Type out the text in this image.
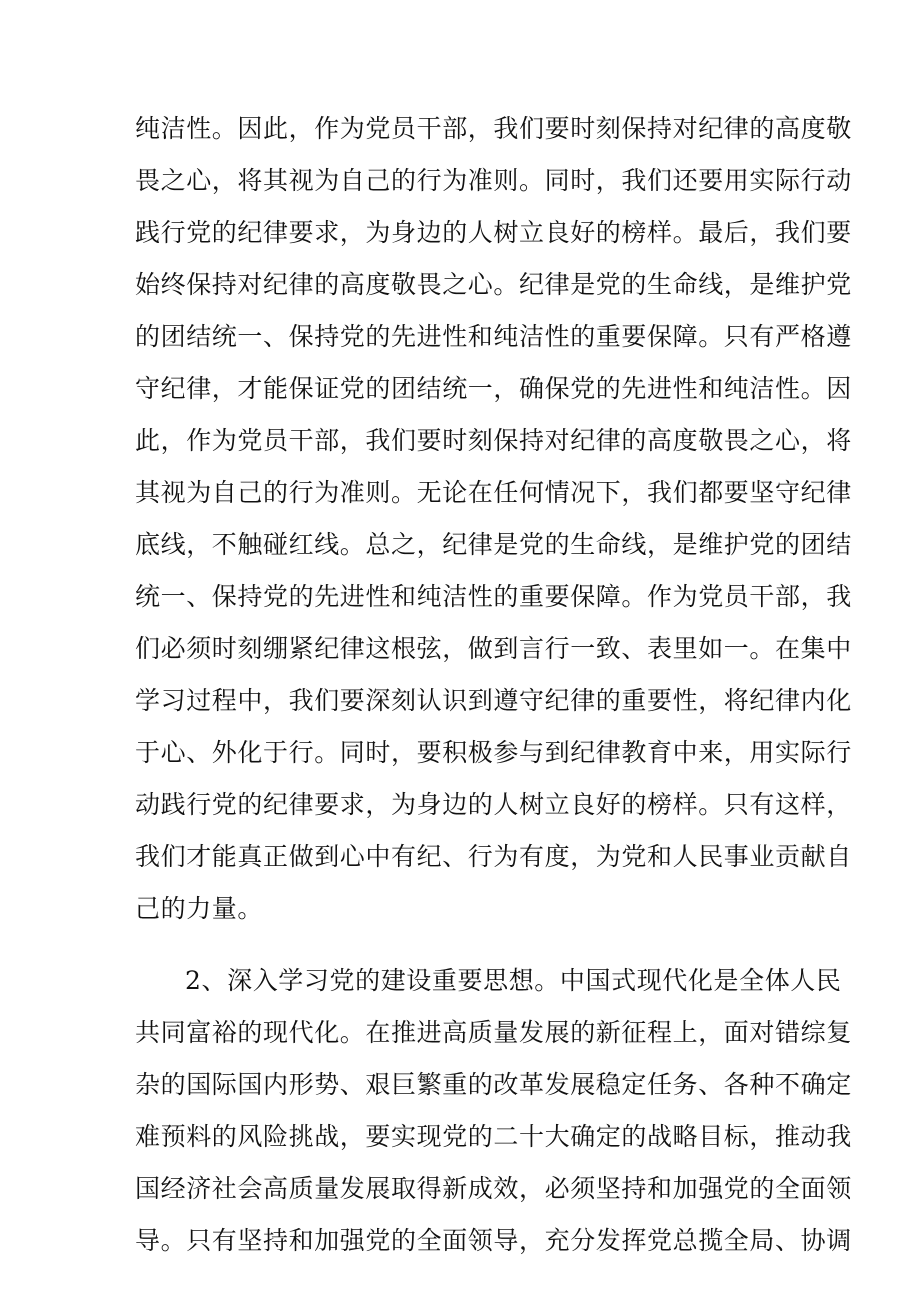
纯洁性。因此，作为党员干部，我们要时刻保持对纪律的高度敬
畏之心，将其视为自己的行为准则。同时，我们还要用实际行动
践行党的纪律要求，为身边的人树立良好的榜样。最后，我们要
始终保持对纪律的高度敬畏之心。纪律是党的生命线，是维护党
的团结统一、保持党的先进性和纯洁性的重要保障。只有严格遵
守纪律，才能保证党的团结统一，确保党的先进性和纯洁性。因
此，作为党员干部，我们要时刻保持对纪律的高度敬畏之心，将
其视为自己的行为准则。无论在任何情况下，我们都要坚守纪律
底线，不触碰红线。总之，纪律是党的生命线，是维护党的团结
统一、保持党的先进性和纯洁性的重要保障。作为党员干部，我
们必须时刻绷紧纪律这根弦，做到言行一致、表里如一。在集中
学习过程中，我们要深刻认识到遵守纪律的重要性，将纪律内化
于心、外化于行。同时，要积极参与到纪律教育中来，用实际行
动践行党的纪律要求，为身边的人树立良好的榜样。只有这样，
我们才能真正做到心中有纪、行为有度，为党和人民事业贡献自
己的力量。
2、深入学习党的建设重要思想。中国式现代化是全体人民
共同富裕的现代化。在推进高质量发展的新征程上，面对错综复
杂的国际国内形势、艰巨繁重的改革发展稳定任务、各种不确定
难预料的风险挑战，要实现党的二十大确定的战略目标，推动我
国经济社会高质量发展取得新成效，必须坚持和加强党的全面领
导。只有坚持和加强党的全面领导，充分发挥党总揽全局、协调
